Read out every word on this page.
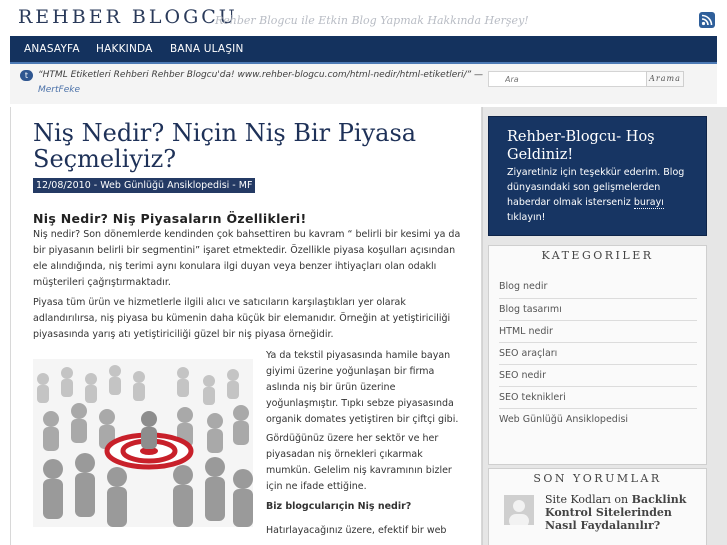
REHBER BLOGCU
Rehber Blogcu ile Etkin Blog Yapmak Hakkında Herşey!
ANASAYFA HAKKINDA BANA ULAŞIN
t	“HTML Etiketleri Rehberi Rehber Blogcu'da! www.rehber-blogcu.com/html-nedir/html-etiketleri/” —
MertFeke
Ara
Arama
Niş Nedir? Niçin Niş Bir Piyasa Seçmeliyiz?
12/08/2010 - Web Günlüğü Ansiklopedisi - MF
Niş Nedir? Niş Piyasaların Özellikleri!

Niş nedir? Son dönemlerde kendinden çok bahsettiren bu kavram “ belirli bir kesimi ya da bir piyasanın belirli bir segmentini” işaret etmektedir. Özellikle piyasa koşulları açısından ele alındığında, niş terimi aynı konulara ilgi duyan veya benzer ihtiyaçları olan odaklı müşterileri çağrıştırmaktadır.

Piyasa tüm ürün ve hizmetlerle ilgili alıcı ve satıcıların karşılaştıkları yer olarak adlandırılırsa, niş piyasa bu kümenin daha küçük bir elemanıdır. Örneğin at yetiştiriciliği piyasasında yarış atı yetiştiriciliği güzel bir niş piyasa örneğidir.

Ya da tekstil piyasasında hamile bayan giyimi üzerine yoğunlaşan bir firma aslında niş bir ürün üzerine yoğunlaşmıştır. Tıpkı sebze piyasasında organik domates yetiştiren bir çiftçi gibi.

Gördüğünüz üzere her sektör ve her piyasadan niş örnekleri çıkarmak mumkün. Gelelim niş kavramının bizler için ne ifade ettiğine.

Biz blogcularıçin Niş nedir?

Hatırlayacağınız üzere, efektif bir web

Rehber-Blogcu- Hoş Geldiniz!
Ziyaretiniz için teşekkür ederim. Blog dünyasındaki son gelişmelerden haberdar olmak isterseniz burayı tıklayın!
KATEGORILER
Blog nedir
Blog tasarımı
HTML nedir
SEO araçları
SEO nedir
SEO teknikleri
Web Günlüğü Ansiklopedisi
SON YORUMLAR
Site Kodları on Backlink Kontrol Sitelerinden Nasıl Faydalanılır?
